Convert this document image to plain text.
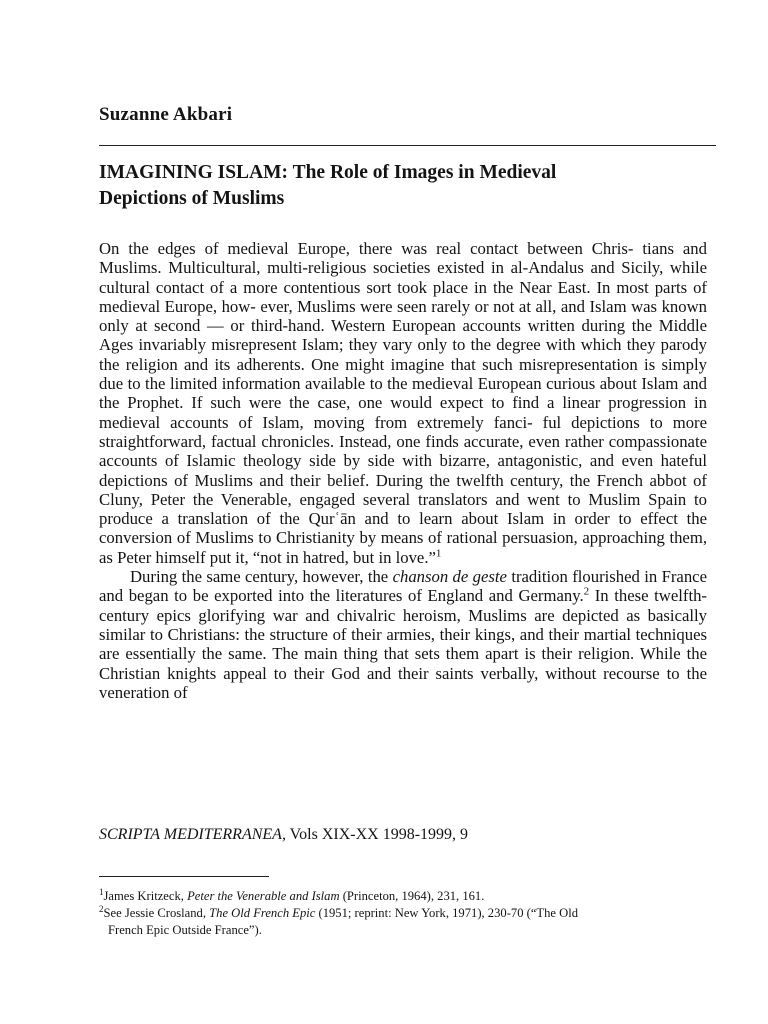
Suzanne Akbari
IMAGINING ISLAM: The Role of Images in Medieval
Depictions of Muslims

On the edges of medieval Europe, there was real contact between Chris- tians and Muslims. Multicultural, multi-religious societies existed in al-Andalus and Sicily, while cultural contact of a more contentious sort took place in the Near East. In most parts of medieval Europe, how- ever, Muslims were seen rarely or not at all, and Islam was known only at second — or third-hand. Western European accounts written during the Middle Ages invariably misrepresent Islam; they vary only to the degree with which they parody the religion and its adherents. One might imagine that such misrepresentation is simply due to the limited information available to the medieval European curious about Islam and the Prophet. If such were the case, one would expect to find a linear progression in medieval accounts of Islam, moving from extremely fanci- ful depictions to more straightforward, factual chronicles. Instead, one finds accurate, even rather compassionate accounts of Islamic theology side by side with bizarre, antagonistic, and even hateful depictions of Muslims and their belief. During the twelfth century, the French abbot of Cluny, Peter the Venerable, engaged several translators and went to Muslim Spain to produce a translation of the Qurʿān and to learn about Islam in order to effect the conversion of Muslims to Christianity by means of rational persuasion, approaching them, as Peter himself put it, “not in hatred, but in love.”$^1$

During the same century, however, the chanson de geste tradition flourished in France and began to be exported into the literatures of England and Germany.$^2$ In these twelfth-century epics glorifying war and chivalric heroism, Muslims are depicted as basically similar to Christians: the structure of their armies, their kings, and their martial techniques are essentially the same. The main thing that sets them apart is their religion. While the Christian knights appeal to their God and their saints verbally, without recourse to the veneration of

SCRIPTA MEDITERRANEA, Vols XIX-XX 1998-1999, 9

$^1$James Kritzeck, Peter the Venerable and Islam (Princeton, 1964), 231, 161.

$^2$See Jessie Crosland, The Old French Epic (1951; reprint: New York, 1971), 230-70 (“The Old

French Epic Outside France”).
